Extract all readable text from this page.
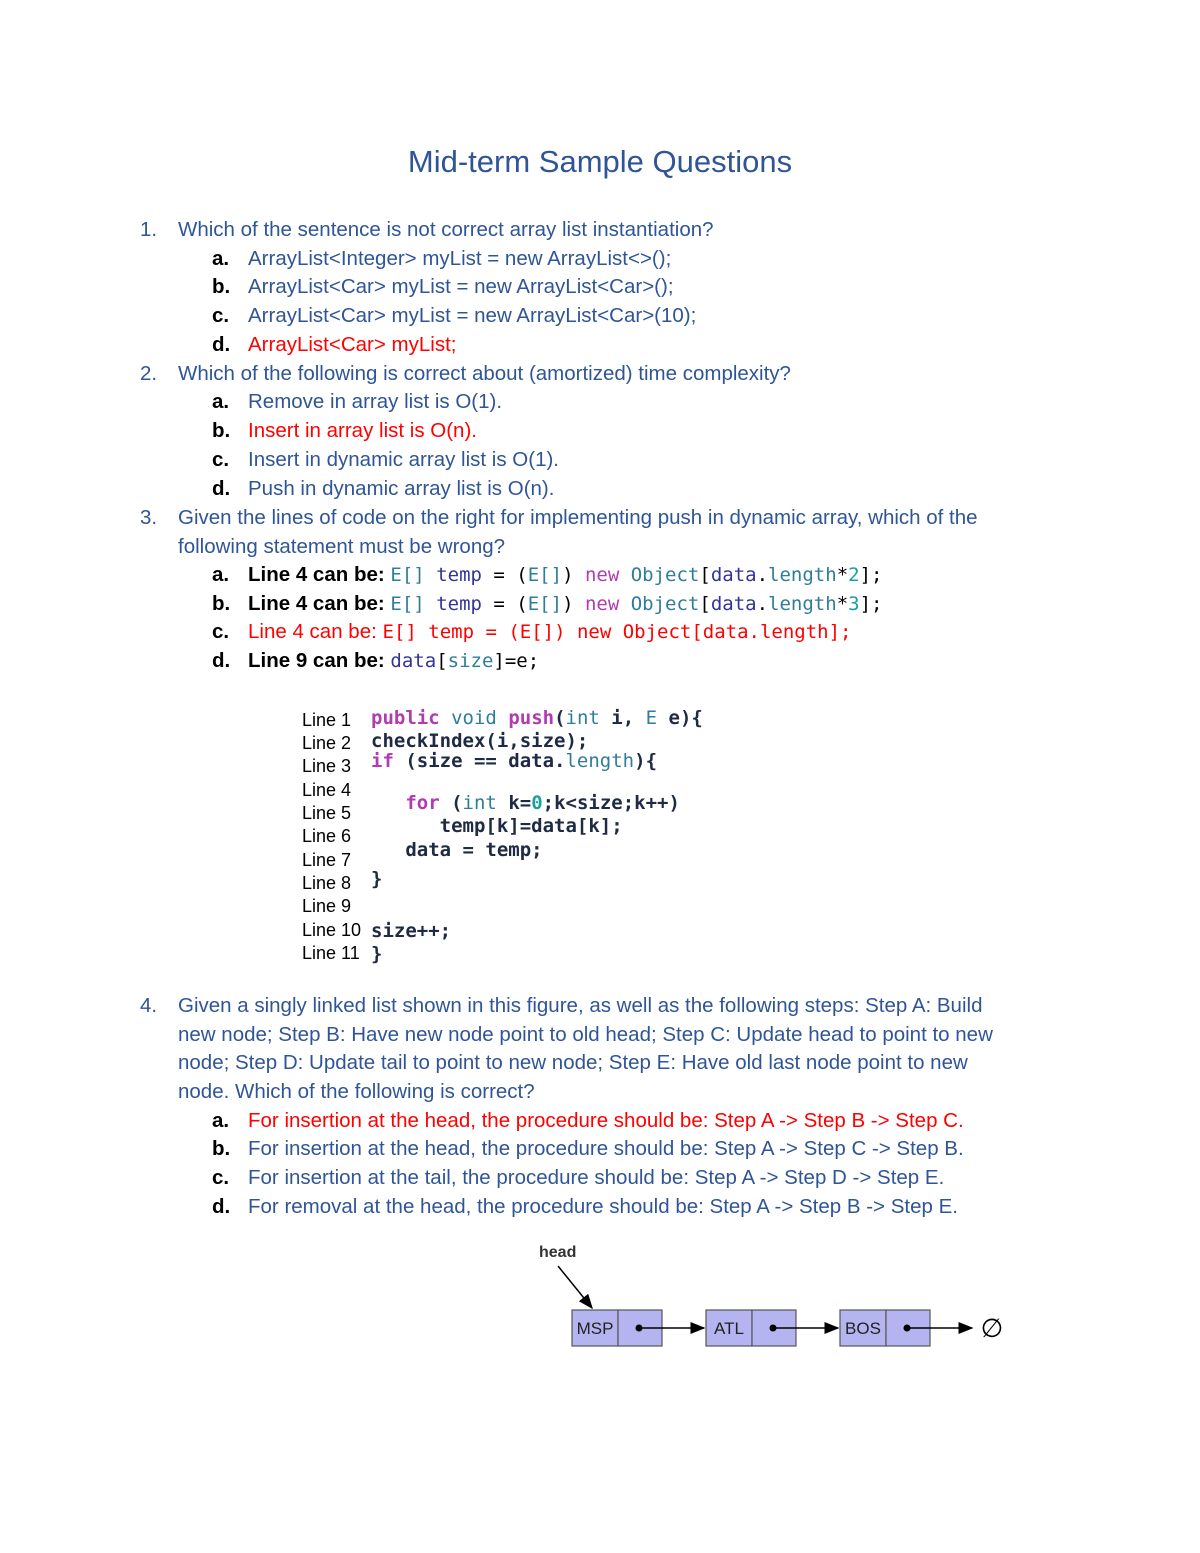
Mid-term Sample Questions
1. Which of the sentence is not correct array list instantiation?
a. ArrayList<Integer> myList = new ArrayList<>();
b. ArrayList<Car> myList = new ArrayList<Car>();
c. ArrayList<Car> myList = new ArrayList<Car>(10);
d. ArrayList<Car> myList;
2. Which of the following is correct about (amortized) time complexity?
a. Remove in array list is O(1).
b. Insert in array list is O(n).
c. Insert in dynamic array list is O(1).
d. Push in dynamic array list is O(n).
3. Given the lines of code on the right for implementing push in dynamic array, which of the
following statement must be wrong?
a. Line 4 can be: E[] temp = (E[]) new Object[data.length*2];
b. Line 4 can be: E[] temp = (E[]) new Object[data.length*3];
c. Line 4 can be: E[] temp = (E[]) new Object[data.length];
d. Line 9 can be: data[size]=e;
Line 1 public void push(int i, E e){
Line 2 checkIndex(i,size);
Line 3 if (size == data.length){
Line 4
Line 5	for (int k=0;k<size;k++)
Line 6 temp[k]=data[k];
Line 7 data = temp;
Line 8 }
Line 9
Line 10 size++;
Line 11 }
4. Given a singly linked list shown in this figure, as well as the following steps: Step A: Build
new node; Step B: Have new node point to old head; Step C: Update head to point to new
node; Step D: Update tail to point to new node; Step E: Have old last node point to new
node. Which of the following is correct?
a. For insertion at the head, the procedure should be: Step A -> Step B -> Step C.
b. For insertion at the head, the procedure should be: Step A -> Step C -> Step B.
c. For insertion at the tail, the procedure should be: Step A -> Step D -> Step E.
d. For removal at the head, the procedure should be: Step A -> Step B -> Step E.
head
MSP	ATL	BOS	∅
